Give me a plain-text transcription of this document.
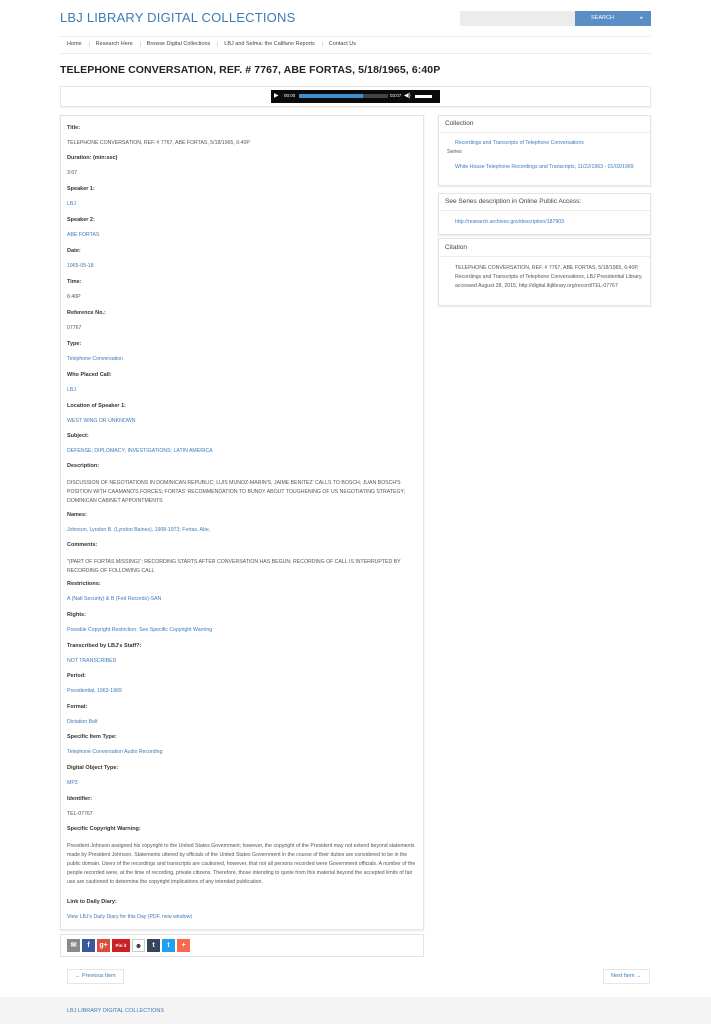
LBJ LIBRARY DIGITAL COLLECTIONS	SEARCH	▸
Home	Research Here	Browse Digital Collections	LBJ and Selma: the Califano Reports	Contact Us
TELEPHONE CONVERSATION, REF. # 7767, ABE FORTAS, 5/18/1965, 6:40P
▶ 00:00	03:07 ◀)
Title:
TELEPHONE CONVERSATION, REF. # 7767, ABE FORTAS, 5/18/1965, 6:40P
Duration: (min:sec)
3:07
Speaker 1:
LBJ
Speaker 2:
ABE FORTAS
Date:
1965-05-18
Time:
6:40P
Reference No.:
07767
Type:
Telephone Conversation
Who Placed Call:
LBJ
Location of Speaker 1:
WEST WING OR UNKNOWN
Subject:
DEFENSE; DIPLOMACY; INVESTIGATIONS; LATIN AMERICA
Description:
DISCUSSION OF NEGOTIATIONS IN DOMINICAN REPUBLIC; LUIS MUNOZ-MARIN'S, JAIME BENITEZ' CALLS TO BOSCH; JUAN BOSCH'S POSITION WITH CAAMANO'S FORCES; FORTAS' RECOMMENDATION TO BUNDY ABOUT TOUGHENING OF US NEGOTIATING STRATEGY; DOMINICAN CABINET APPOINTMENTS
Names:
Johnson, Lyndon B. (Lyndon Baines), 1908-1973; Fortas, Abe,
Comments:
"(PART OF FORTAS MISSING)"; RECORDING STARTS AFTER CONVERSATION HAS BEGUN; RECORDING OF CALL IS INTERRUPTED BY RECORDING OF FOLLOWING CALL
Restrictions:
A (Natl Security) & B (Fed Records)-SAN
Rights:
Possible Copyright Restriction: See Specific Copyright Warning
Transcribed by LBJ's Staff?:
NOT TRANSCRIBED
Period:
Presidential, 1963-1969
Format:
Dictation Belt
Specific Item Type:
Telephone Conversation Audio Recording
Digital Object Type:
MP3
Identifier:
TEL-07767
Specific Copyright Warning:
President Johnson assigned his copyright to the United States Government; however, the copyright of the President may not extend beyond statements made by President Johnson. Statements uttered by officials of the United States Government in the course of their duties are considered to be in the public domain. Users of the recordings and transcripts are cautioned, however, that not all persons recorded were Government officials. A number of the people recorded were, at the time of recording, private citizens. Therefore, those intending to quote from this material beyond the accepted limits of fair use are cautioned to determine the copyright implications of any intended publication.
Link to Daily Diary:
View LBJ's Daily Diary for this Day (PDF, new window)
✉	f	g+	Pin it	☻	t	t	+
← Previous Item	Next Item →
Collection
Recordings and Transcripts of Telephone Conversations
Series
White House Telephone Recordings and Transcripts, 11/22/1963 - 01/03/1969
See Series description in Online Public Access:
http://research.archives.gov/description/187903
Citation
TELEPHONE CONVERSATION, REF. # 7767, ABE FORTAS, 5/18/1965, 6:40P, Recordings and Transcripts of Telephone Conversations, LBJ Presidential Library, accessed August 28, 2015, http://digital.lbjlibrary.org/record/TEL-07767
LBJ LIBRARY DIGITAL COLLECTIONS
